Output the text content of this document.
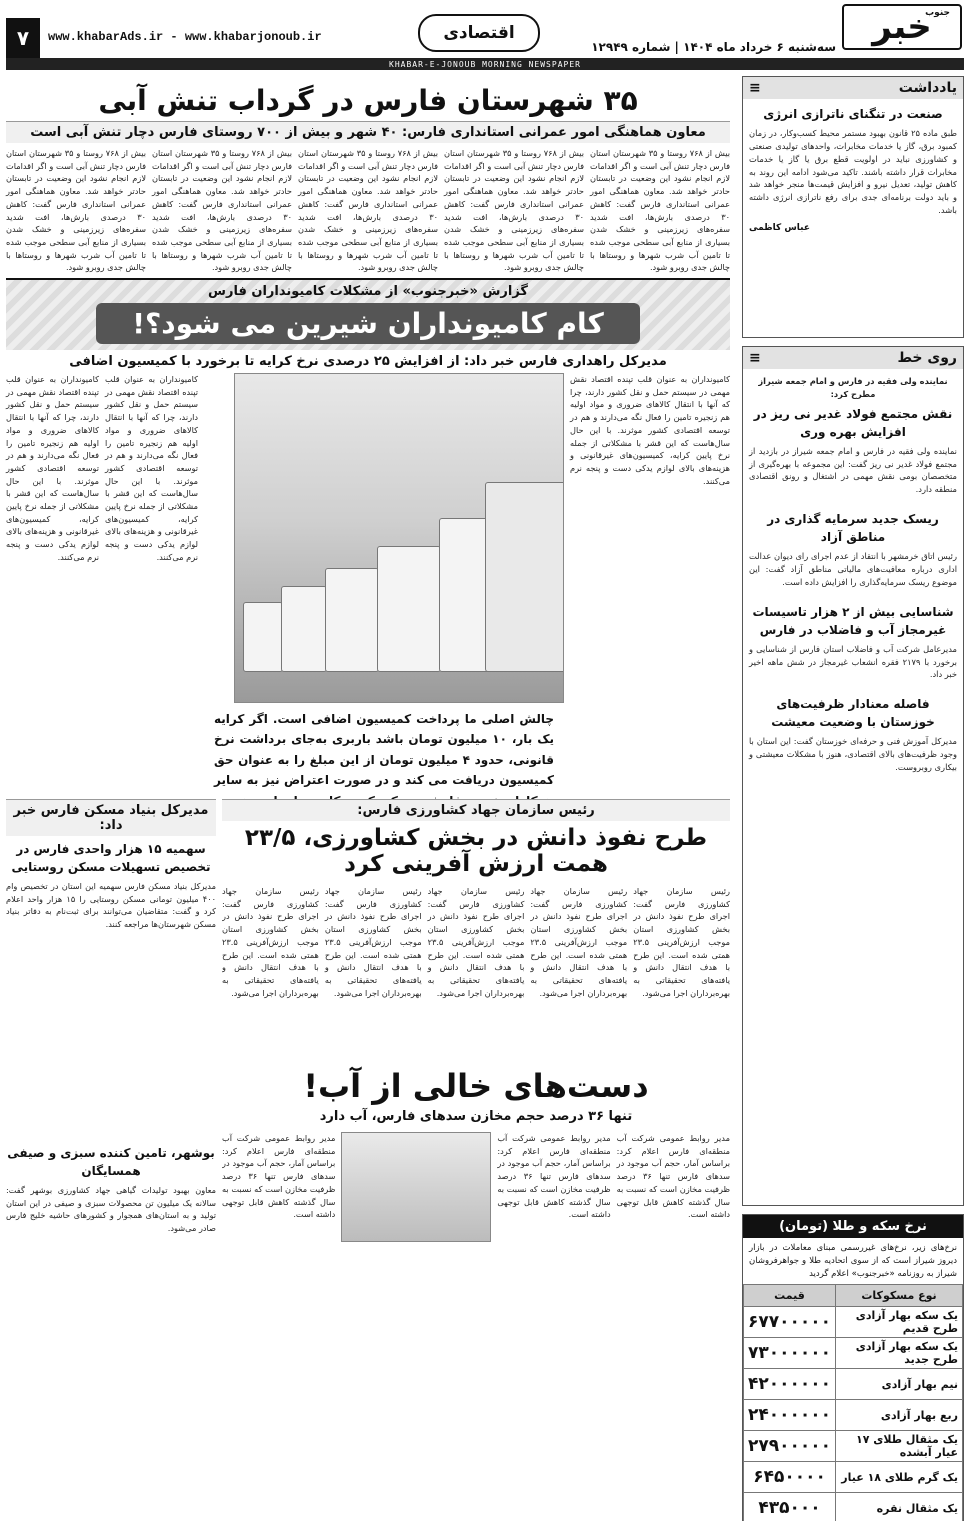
خبر
جنوب
سه‌شنبه ۶ خرداد ماه ۱۴۰۴ | شماره ۱۲۹۴۹
اقتصادی
www.khabarAds.ir - www.khabarjonoub.ir
۷
KHABAR-E-JONOUB MORNING NEWSPAPER
یادداشت
≡
صنعت در تنگنای ناترازی انرژی
طبق ماده ۲۵ قانون بهبود مستمر محیط کسب‌وکار، در زمان کمبود برق، گاز یا خدمات مخابرات، واحدهای تولیدی صنعتی و کشاورزی نباید در اولویت قطع برق یا گاز یا خدمات مخابرات قرار داشته باشند. تاکید می‌شود ادامه این روند به کاهش تولید، تعدیل نیرو و افزایش قیمت‌ها منجر خواهد شد و باید دولت برنامه‌ای جدی برای رفع ناترازی انرژی داشته باشد.
عباس کاظمی
روی خط
≡
نماینده ولی فقیه در فارس و امام جمعه شیراز مطرح کرد:
نقش مجتمع فولاد غدیر نی ریز در افزایش بهره وری
نماینده ولی فقیه در فارس و امام جمعه شیراز در بازدید از مجتمع فولاد غدیر نی ریز گفت: این مجموعه با بهره‌گیری از متخصصان بومی نقش مهمی در اشتغال و رونق اقتصادی منطقه دارد.
ریسک جدید سرمایه گذاری در مناطق آزاد
رئیس اتاق خرمشهر با انتقاد از عدم اجرای رای دیوان عدالت اداری درباره معافیت‌های مالیاتی مناطق آزاد گفت: این موضوع ریسک سرمایه‌گذاری را افزایش داده است.
شناسایی بیش از ۲ هزار تاسیسات غیرمجاز آب و فاضلاب در فارس
مدیرعامل شرکت آب و فاضلاب استان فارس از شناسایی و برخورد با ۲۱۷۹ فقره انشعاب غیرمجاز در شش ماهه اخیر خبر داد.
فاصله معنادار ظرفیت‌های خوزستان با وضعیت معیشت
مدیرکل آموزش فنی و حرفه‌ای خوزستان گفت: این استان با وجود ظرفیت‌های بالای اقتصادی، هنوز با مشکلات معیشتی و بیکاری روبروست.
نرخ سکه و طلا (تومان)
نرخ‌های زیر، نرخ‌های غیررسمی مبنای معاملات در بازار دیروز شیراز است که از سوی اتحادیه طلا و جواهرفروشان شیراز به روزنامه «خبرجنوب» اعلام گردید
نوع مسکوکات	قیمت
یک سکه بهار آزادی طرح قدیم	۶۷۷۰۰۰۰۰
یک سکه بهار آزادی طرح جدید	۷۳۰۰۰۰۰۰
نیم بهار آزادی	۴۲۰۰۰۰۰۰
ربع بهار آزادی	۲۴۰۰۰۰۰۰
یک مثقال طلای ۱۷ عیار آبشده	۲۷۹۰۰۰۰۰
یک گرم طلای ۱۸ عیار	۶۴۵۰۰۰۰
یک مثقال نقره	۴۳۵۰۰۰
۳۵ شهرستان فارس در گرداب تنش آبی
معاون هماهنگی امور عمرانی استانداری فارس: ۴۰ شهر و بیش از ۷۰۰ روستای فارس دچار تنش آبی است
بیش از ۷۶۸ روستا و ۳۵ شهرستان استان فارس دچار تنش آبی است و اگر اقدامات لازم انجام نشود این وضعیت در تابستان حادتر خواهد شد. معاون هماهنگی امور عمرانی استانداری فارس گفت: کاهش ۳۰ درصدی بارش‌ها، افت شدید سفره‌های زیرزمینی و خشک شدن بسیاری از منابع آبی سطحی موجب شده تا تامین آب شرب شهرها و روستاها با چالش جدی روبرو شود.
بیش از ۷۶۸ روستا و ۳۵ شهرستان استان فارس دچار تنش آبی است و اگر اقدامات لازم انجام نشود این وضعیت در تابستان حادتر خواهد شد. معاون هماهنگی امور عمرانی استانداری فارس گفت: کاهش ۳۰ درصدی بارش‌ها، افت شدید سفره‌های زیرزمینی و خشک شدن بسیاری از منابع آبی سطحی موجب شده تا تامین آب شرب شهرها و روستاها با چالش جدی روبرو شود.
بیش از ۷۶۸ روستا و ۳۵ شهرستان استان فارس دچار تنش آبی است و اگر اقدامات لازم انجام نشود این وضعیت در تابستان حادتر خواهد شد. معاون هماهنگی امور عمرانی استانداری فارس گفت: کاهش ۳۰ درصدی بارش‌ها، افت شدید سفره‌های زیرزمینی و خشک شدن بسیاری از منابع آبی سطحی موجب شده تا تامین آب شرب شهرها و روستاها با چالش جدی روبرو شود.
بیش از ۷۶۸ روستا و ۳۵ شهرستان استان فارس دچار تنش آبی است و اگر اقدامات لازم انجام نشود این وضعیت در تابستان حادتر خواهد شد. معاون هماهنگی امور عمرانی استانداری فارس گفت: کاهش ۳۰ درصدی بارش‌ها، افت شدید سفره‌های زیرزمینی و خشک شدن بسیاری از منابع آبی سطحی موجب شده تا تامین آب شرب شهرها و روستاها با چالش جدی روبرو شود.
بیش از ۷۶۸ روستا و ۳۵ شهرستان استان فارس دچار تنش آبی است و اگر اقدامات لازم انجام نشود این وضعیت در تابستان حادتر خواهد شد. معاون هماهنگی امور عمرانی استانداری فارس گفت: کاهش ۳۰ درصدی بارش‌ها، افت شدید سفره‌های زیرزمینی و خشک شدن بسیاری از منابع آبی سطحی موجب شده تا تامین آب شرب شهرها و روستاها با چالش جدی روبرو شود.
گزارش «خبرجنوب» از مشکلات کامیونداران فارس
کام کامیونداران شیرین می شود؟!
مدیرکل راهداری فارس خبر داد: از افزایش ۲۵ درصدی نرخ کرایه تا برخورد با کمیسیون اضافی
کامیونداران به عنوان قلب تپنده اقتصاد نقش مهمی در سیستم حمل و نقل کشور دارند، چرا که آنها با انتقال کالاهای ضروری و مواد اولیه هم زنجیره تامین را فعال نگه می‌دارند و هم در توسعه اقتصادی کشور موثرند. با این حال سال‌هاست که این قشر با مشکلاتی از جمله نرخ پایین کرایه، کمیسیون‌های غیرقانونی و هزینه‌های بالای لوازم یدکی دست و پنجه نرم می‌کنند.
چالش اصلی ما پرداخت کمیسیون اضافی است. اگر کرایه یک بار، ۱۰ میلیون تومان باشد باربری به‌جای برداشت نرخ قانونی، حدود ۴ میلیون تومان از این مبلغ را به عنوان حق کمیسیون دریافت می کند و در صورت اعتراض نیز به سایر
کامیونداران به عنوان قلب تپنده اقتصاد نقش مهمی در سیستم حمل و نقل کشور دارند، چرا که آنها با انتقال کالاهای ضروری و مواد اولیه هم زنجیره تامین را فعال نگه می‌دارند و هم در توسعه اقتصادی کشور موثرند. با این حال سال‌هاست که این قشر با مشکلاتی از جمله نرخ پایین کرایه، کمیسیون‌های غیرقانونی و هزینه‌های بالای لوازم یدکی دست و پنجه نرم می‌کنند.
کامیونداران به عنوان قلب تپنده اقتصاد نقش مهمی در سیستم حمل و نقل کشور دارند، چرا که آنها با انتقال کالاهای ضروری و مواد اولیه هم زنجیره تامین را فعال نگه می‌دارند و هم در توسعه اقتصادی کشور موثرند. با این حال سال‌هاست که این قشر با مشکلاتی از جمله نرخ پایین کرایه، کمیسیون‌های غیرقانونی و هزینه‌های بالای لوازم یدکی دست و پنجه نرم می‌کنند.
رئیس سازمان جهاد کشاورزی فارس:
طرح نفوذ دانش در بخش کشاورزی، ۲۳/۵ همت ارزش آفرینی کرد
رئیس سازمان جهاد کشاورزی فارس گفت: اجرای طرح نفوذ دانش در بخش کشاورزی استان موجب ارزش‌آفرینی ۲۳.۵ همتی شده است. این طرح با هدف انتقال دانش و یافته‌های تحقیقاتی به بهره‌برداران اجرا می‌شود.
رئیس سازمان جهاد کشاورزی فارس گفت: اجرای طرح نفوذ دانش در بخش کشاورزی استان موجب ارزش‌آفرینی ۲۳.۵ همتی شده است. این طرح با هدف انتقال دانش و یافته‌های تحقیقاتی به بهره‌برداران اجرا می‌شود.
رئیس سازمان جهاد کشاورزی فارس گفت: اجرای طرح نفوذ دانش در بخش کشاورزی استان موجب ارزش‌آفرینی ۲۳.۵ همتی شده است. این طرح با هدف انتقال دانش و یافته‌های تحقیقاتی به بهره‌برداران اجرا می‌شود.
رئیس سازمان جهاد کشاورزی فارس گفت: اجرای طرح نفوذ دانش در بخش کشاورزی استان موجب ارزش‌آفرینی ۲۳.۵ همتی شده است. این طرح با هدف انتقال دانش و یافته‌های تحقیقاتی به بهره‌برداران اجرا می‌شود.
رئیس سازمان جهاد کشاورزی فارس گفت: اجرای طرح نفوذ دانش در بخش کشاورزی استان موجب ارزش‌آفرینی ۲۳.۵ همتی شده است. این طرح با هدف انتقال دانش و یافته‌های تحقیقاتی به بهره‌برداران اجرا می‌شود.
دست‌های خالی از آب!
تنها ۳۶ درصد حجم مخازن سدهای فارس، آب دارد
مدیر روابط عمومی شرکت آب منطقه‌ای فارس اعلام کرد: براساس آمار، حجم آب موجود در سدهای فارس تنها ۳۶ درصد ظرفیت مخازن است که نسبت به سال گذشته کاهش قابل توجهی داشته است.
مدیر روابط عمومی شرکت آب منطقه‌ای فارس اعلام کرد: براساس آمار، حجم آب موجود در سدهای فارس تنها ۳۶ درصد ظرفیت مخازن است که نسبت به سال گذشته کاهش قابل توجهی داشته است.
مدیر روابط عمومی شرکت آب منطقه‌ای فارس اعلام کرد: براساس آمار، حجم آب موجود در سدهای فارس تنها ۳۶ درصد ظرفیت مخازن است که نسبت به سال گذشته کاهش قابل توجهی داشته است.
مدیرکل بنیاد مسکن فارس خبر داد:
سهمیه ۱۵ هزار واحدی فارس در تخصیص تسهیلات مسکن روستایی
مدیرکل بنیاد مسکن فارس سهمیه این استان در تخصیص وام ۴۰۰ میلیون تومانی مسکن روستایی را ۱۵ هزار واحد اعلام کرد و گفت: متقاضیان می‌توانند برای ثبت‌نام به دفاتر بنیاد مسکن شهرستان‌ها مراجعه کنند.
بوشهر، تامین کننده سبزی و صیفی همسایگان
معاون بهبود تولیدات گیاهی جهاد کشاورزی بوشهر گفت: سالانه یک میلیون تن محصولات سبزی و صیفی در این استان تولید و به استان‌های همجوار و کشورهای حاشیه خلیج فارس صادر می‌شود.
